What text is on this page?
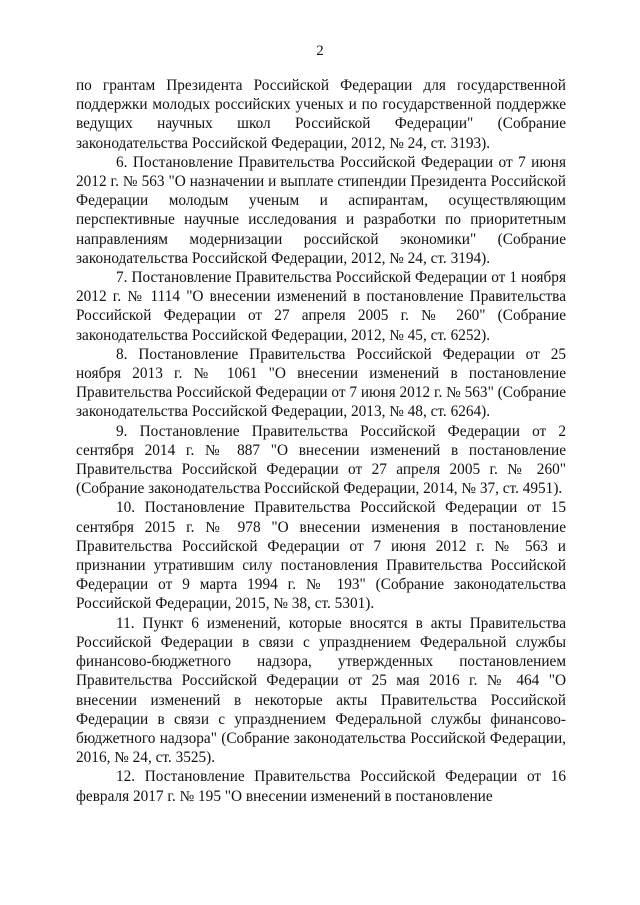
2

по грантам Президента Российской Федерации для государственной поддержки молодых российских ученых и по государственной поддержке ведущих научных школ Российской Федерации" (Собрание законодательства Российской Федерации, 2012, № 24, ст. 3193).

6. Постановление Правительства Российской Федерации от 7 июня 2012 г. № 563 "О назначении и выплате стипендии Президента Российской Федерации молодым ученым и аспирантам, осуществляющим перспективные научные исследования и разработки по приоритетным направлениям модернизации российской экономики" (Собрание законодательства Российской Федерации, 2012, № 24, ст. 3194).

7. Постановление Правительства Российской Федерации от 1 ноября 2012 г. № 1114 "О внесении изменений в постановление Правительства Российской Федерации от 27 апреля 2005 г. № 260" (Собрание законодательства Российской Федерации, 2012, № 45, ст. 6252).

8. Постановление Правительства Российской Федерации от 25 ноября 2013 г. № 1061 "О внесении изменений в постановление Правительства Российской Федерации от 7 июня 2012 г. № 563" (Собрание законодательства Российской Федерации, 2013, № 48, ст. 6264).

9. Постановление Правительства Российской Федерации от 2 сентября 2014 г. № 887 "О внесении изменений в постановление Правительства Российской Федерации от 27 апреля 2005 г. № 260" (Собрание законодательства Российской Федерации, 2014, № 37, ст. 4951).

10. Постановление Правительства Российской Федерации от 15 сентября 2015 г. № 978 "О внесении изменения в постановление Правительства Российской Федерации от 7 июня 2012 г. № 563 и признании утратившим силу постановления Правительства Российской Федерации от 9 марта 1994 г. № 193" (Собрание законодательства Российской Федерации, 2015, № 38, ст. 5301).

11. Пункт 6 изменений, которые вносятся в акты Правительства Российской Федерации в связи с упразднением Федеральной службы финансово-бюджетного надзора, утвержденных постановлением Правительства Российской Федерации от 25 мая 2016 г. № 464 "О внесении изменений в некоторые акты Правительства Российской Федерации в связи с упразднением Федеральной службы финансово-бюджетного надзора" (Собрание законодательства Российской Федерации, 2016, № 24, ст. 3525).

12. Постановление Правительства Российской Федерации от 16 февраля 2017 г. № 195 "О внесении изменений в постановление
